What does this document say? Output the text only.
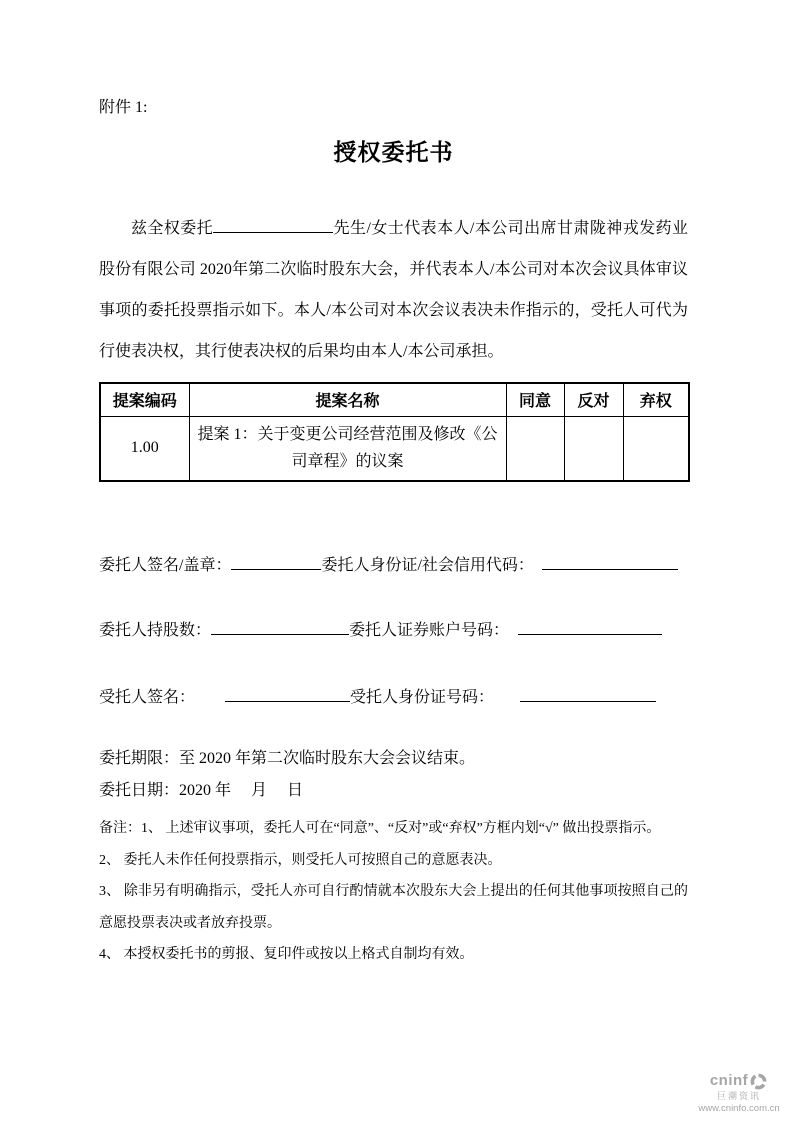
附件 1:
授权委托书

兹全权委托	先生/女士代表本人/本公司出席甘肃陇神戎发药业股份有限公司 2020年第二次临时股东大会，并代表本人/本公司对本次会议具体审议事项的委托投票指示如下。本人/本公司对本次会议表决未作指示的，受托人可代为行使表决权，其行使表决权的后果均由本人/本公司承担。

提案编码	提案名称	同意	反对	弃权
1.00	提案 1：关于变更公司经营范围及修改《公司章程》的议案			
委托人签名/盖章：	委托人身份证/社会信用代码：
委托人持股数：	委托人证券账户号码：
受托人签名：	受托人身份证号码：

委托期限：至 2020 年第二次临时股东大会会议结束。

委托日期：2020 年　 月　 日

备注：1、 上述审议事项，委托人可在“同意”、“反对”或“弃权”方框内划“√” 做出投票指示。

2、 委托人未作任何投票指示，则受托人可按照自己的意愿表决。

3、 除非另有明确指示，受托人亦可自行酌情就本次股东大会上提出的任何其他事项按照自己的意愿投票表决或者放弃投票。

4、 本授权委托书的剪报、复印件或按以上格式自制均有效。

cninf
巨潮资讯
www.cninfo.com.cn
